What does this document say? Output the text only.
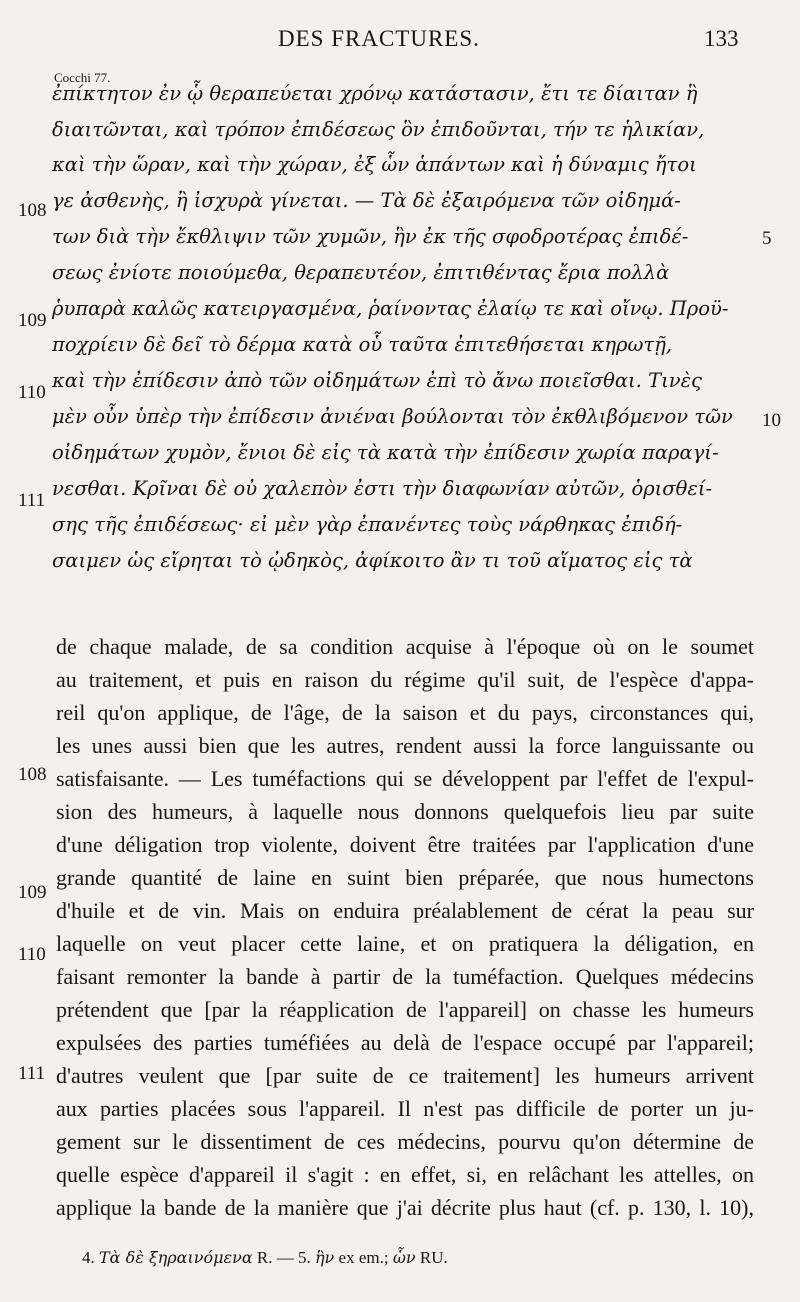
DES FRACTURES.	133
Cocchi 77.
ἐπίκτητον ἐν ᾧ θεραπεύεται χρόνῳ κατάστασιν, ἔτι τε δίαιταν ἣ
διαιτῶνται, καὶ τρόπον ἐπιδέσεως ὃν ἐπιδοῦνται, τήν τε ἡλικίαν,
καὶ τὴν ὥραν, καὶ τὴν χώραν, ἐξ ὧν ἁπάντων καὶ ἡ δύναμις ἤτοι
γε ἀσθενὴς, ἢ ἰσχυρὰ γίνεται. — Τὰ δὲ ἐξαιρόμενα τῶν οἰδημά-
των διὰ τὴν ἔκθλιψιν τῶν χυμῶν, ἣν ἐκ τῆς σφοδροτέρας ἐπιδέ-
σεως ἐνίοτε ποιούμεθα, θεραπευτέον, ἐπιτιθέντας ἔρια πολλὰ
ῥυπαρὰ καλῶς κατειργασμένα, ῥαίνοντας ἐλαίῳ τε καὶ οἴνῳ. Προϋ-
ποχρίειν δὲ δεῖ τὸ δέρμα κατὰ οὗ ταῦτα ἐπιτεθήσεται κηρωτῇ,
καὶ τὴν ἐπίδεσιν ἀπὸ τῶν οἰδημάτων ἐπὶ τὸ ἄνω ποιεῖσθαι. Τινὲς
μὲν οὖν ὑπὲρ τὴν ἐπίδεσιν ἀνιέναι βούλονται τὸν ἐκθλιβόμενον τῶν
οἰδημάτων χυμὸν, ἔνιοι δὲ εἰς τὰ κατὰ τὴν ἐπίδεσιν χωρία παραγί-
νεσθαι. Κρῖναι δὲ οὐ χαλεπὸν ἐστι τὴν διαφωνίαν αὐτῶν, ὁρισθεί-
σης τῆς ἐπιδέσεως· εἰ μὲν γὰρ ἐπανέντες τοὺς νάρθηκας ἐπιδή-
σαιμεν ὡς εἴρηται τὸ ᾠδηκὸς, ἀφίκοιτο ἂν τι τοῦ αἵματος εἰς τὰ
108
109
110
111
5
10
de chaque malade, de sa condition acquise à l'époque où on le soumet
au traitement, et puis en raison du régime qu'il suit, de l'espèce d'appa-
reil qu'on applique, de l'âge, de la saison et du pays, circonstances qui,
les unes aussi bien que les autres, rendent aussi la force languissante ou
satisfaisante. — Les tuméfactions qui se développent par l'effet de l'expul-
sion des humeurs, à laquelle nous donnons quelquefois lieu par suite
d'une déligation trop violente, doivent être traitées par l'application d'une
grande quantité de laine en suint bien préparée, que nous humectons
d'huile et de vin. Mais on enduira préalablement de cérat la peau sur
laquelle on veut placer cette laine, et on pratiquera la déligation, en
faisant remonter la bande à partir de la tuméfaction. Quelques médecins
prétendent que [par la réapplication de l'appareil] on chasse les humeurs
expulsées des parties tuméfiées au delà de l'espace occupé par l'appareil;
d'autres veulent que [par suite de ce traitement] les humeurs arrivent
aux parties placées sous l'appareil. Il n'est pas difficile de porter un ju-
gement sur le dissentiment de ces médecins, pourvu qu'on détermine de
quelle espèce d'appareil il s'agit : en effet, si, en relâchant les attelles, on
applique la bande de la manière que j'ai décrite plus haut (cf. p. 130, l. 10),
108
109
110
111
4. Τὰ δὲ ξηραινόμενα R. — 5. ἣν ex em.; ὧν RU.
